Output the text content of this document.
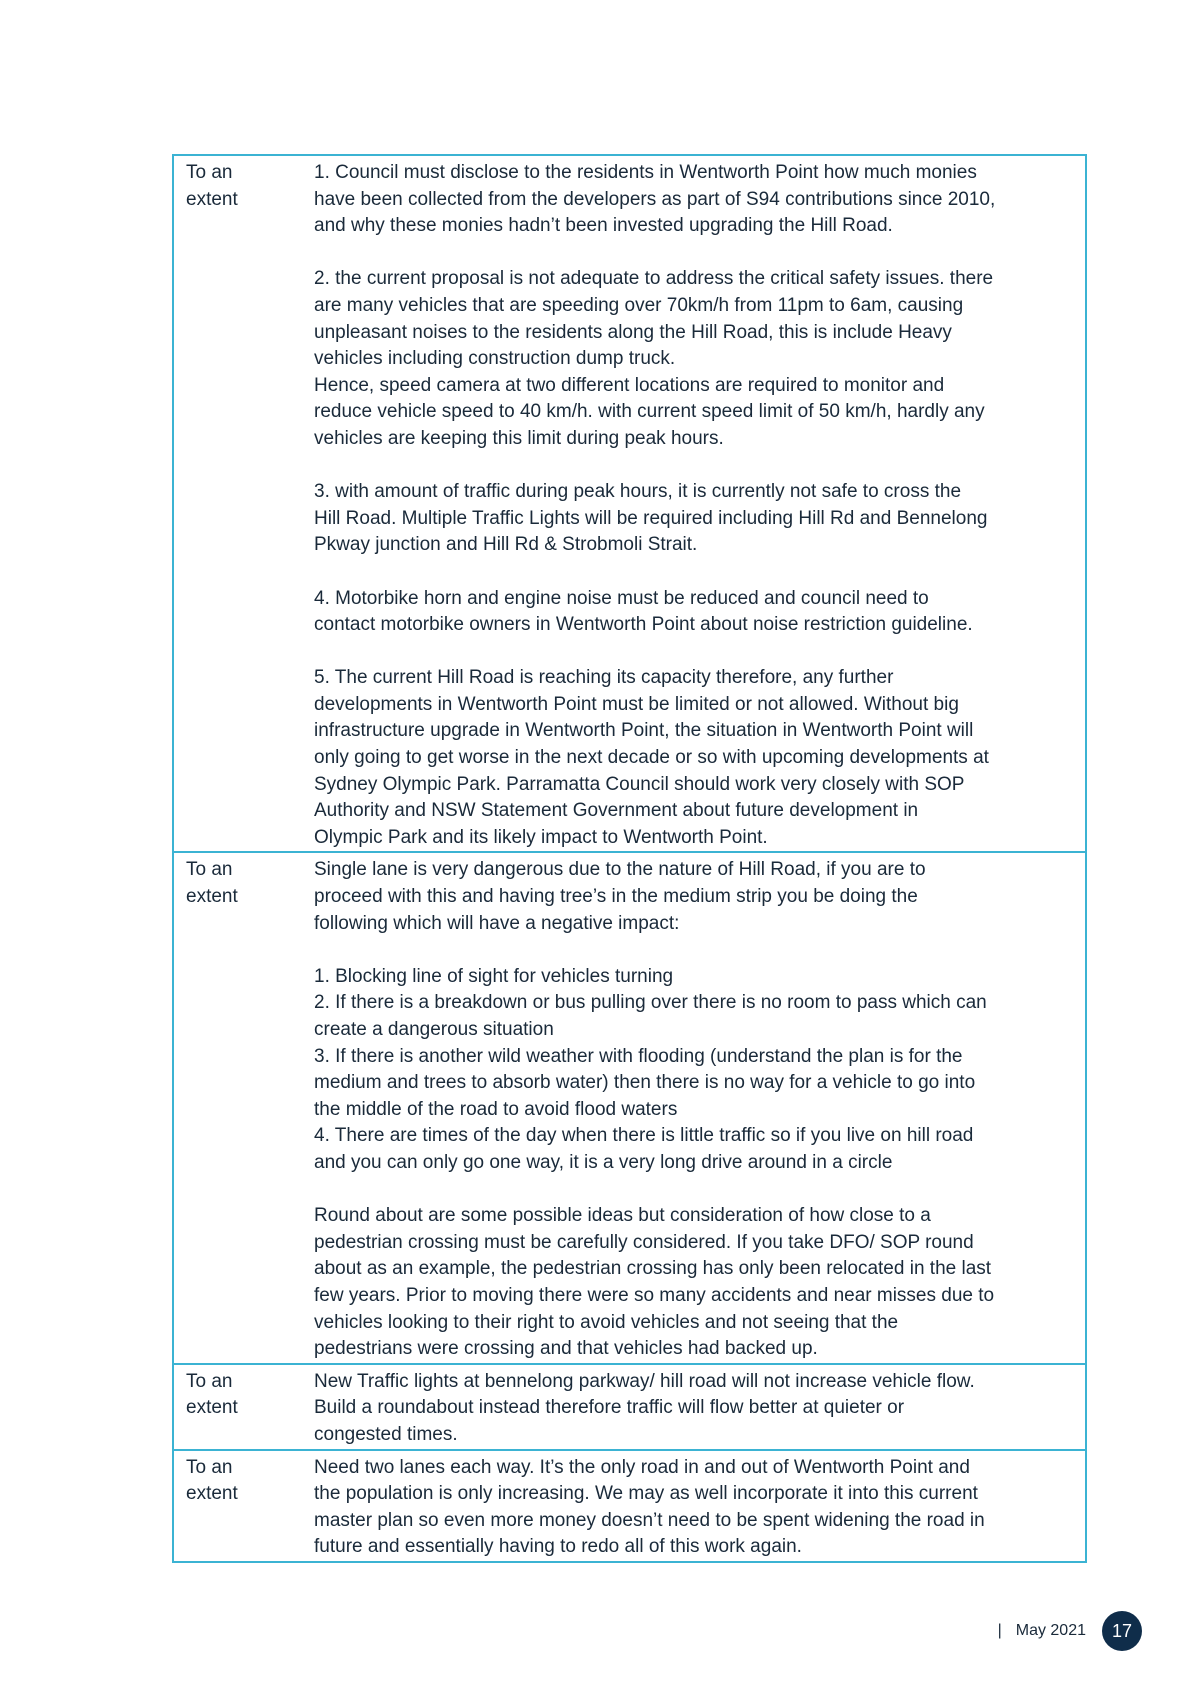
To an
extent
1. Council must disclose to the residents in Wentworth Point how much monies
have been collected from the developers as part of S94 contributions since 2010,
and why these monies hadn’t been invested upgrading the Hill Road.
2. the current proposal is not adequate to address the critical safety issues. there
are many vehicles that are speeding over 70km/h from 11pm to 6am, causing
unpleasant noises to the residents along the Hill Road, this is include Heavy
vehicles including construction dump truck.
Hence, speed camera at two different locations are required to monitor and
reduce vehicle speed to 40 km/h. with current speed limit of 50 km/h, hardly any
vehicles are keeping this limit during peak hours.
3. with amount of traffic during peak hours, it is currently not safe to cross the
Hill Road. Multiple Traffic Lights will be required including Hill Rd and Bennelong
Pkway junction and Hill Rd & Strobmoli Strait.
4. Motorbike horn and engine noise must be reduced and council need to
contact motorbike owners in Wentworth Point about noise restriction guideline.
5. The current Hill Road is reaching its capacity therefore, any further
developments in Wentworth Point must be limited or not allowed. Without big
infrastructure upgrade in Wentworth Point, the situation in Wentworth Point will
only going to get worse in the next decade or so with upcoming developments at
Sydney Olympic Park. Parramatta Council should work very closely with SOP
Authority and NSW Statement Government about future development in
Olympic Park and its likely impact to Wentworth Point.
To an
extent
Single lane is very dangerous due to the nature of Hill Road, if you are to
proceed with this and having tree’s in the medium strip you be doing the
following which will have a negative impact:
1. Blocking line of sight for vehicles turning
2. If there is a breakdown or bus pulling over there is no room to pass which can
create a dangerous situation
3. If there is another wild weather with flooding (understand the plan is for the
medium and trees to absorb water) then there is no way for a vehicle to go into
the middle of the road to avoid flood waters
4. There are times of the day when there is little traffic so if you live on hill road
and you can only go one way, it is a very long drive around in a circle
Round about are some possible ideas but consideration of how close to a
pedestrian crossing must be carefully considered. If you take DFO/ SOP round
about as an example, the pedestrian crossing has only been relocated in the last
few years. Prior to moving there were so many accidents and near misses due to
vehicles looking to their right to avoid vehicles and not seeing that the
pedestrians were crossing and that vehicles had backed up.
To an
extent
New Traffic lights at bennelong parkway/ hill road will not increase vehicle flow.
Build a roundabout instead therefore traffic will flow better at quieter or
congested times.
To an
extent
Need two lanes each way. It’s the only road in and out of Wentworth Point and
the population is only increasing. We may as well incorporate it into this current
master plan so even more money doesn’t need to be spent widening the road in
future and essentially having to redo all of this work again.
| May 2021	17
